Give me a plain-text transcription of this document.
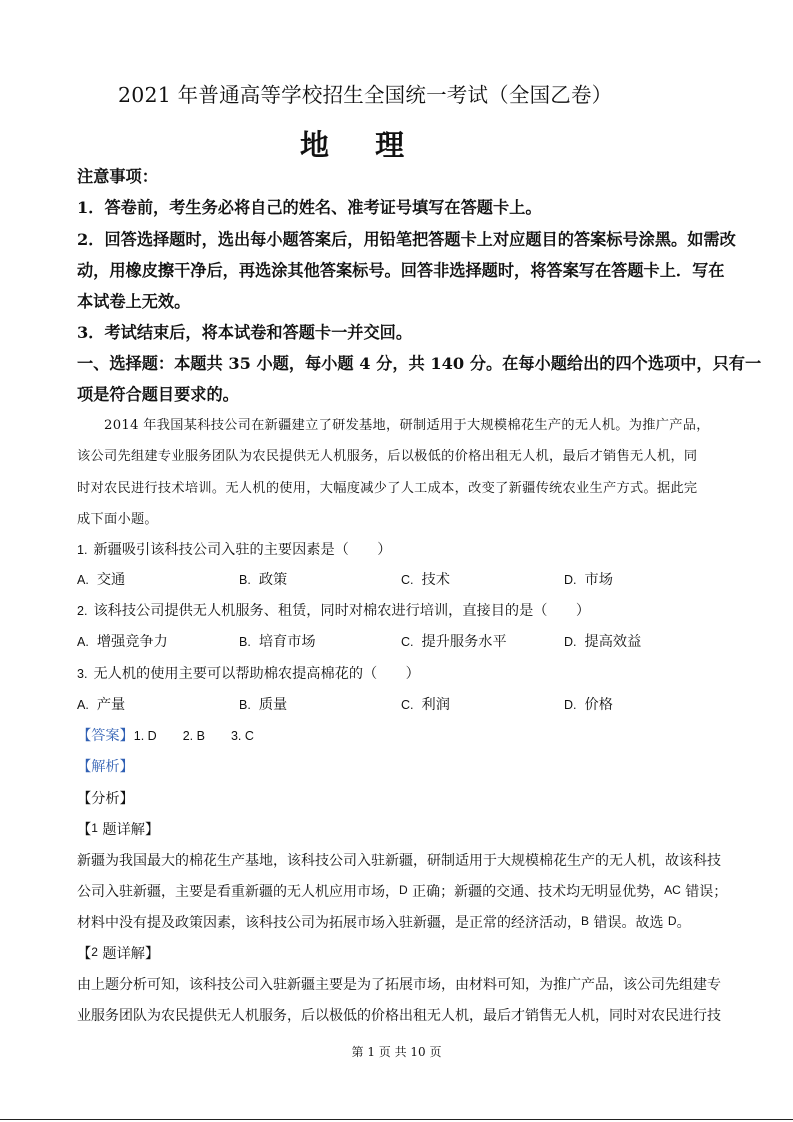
2021 年普通高等学校招生全国统一考试（全国乙卷）
地 理
注意事项：
1．答卷前，考生务必将自己的姓名、准考证号填写在答题卡上。
2．回答选择题时，选出每小题答案后，用铅笔把答题卡上对应题目的答案标号涂黑。如需改
动，用橡皮擦干净后，再选涂其他答案标号。回答非选择题时，将答案写在答题卡上．写在
本试卷上无效。
3．考试结束后，将本试卷和答题卡一并交回。
一、选择题：本题共 35 小题，每小题 4 分，共 140 分。在每小题给出的四个选项中，只有一
项是符合题目要求的。
2014 年我国某科技公司在新疆建立了研发基地，研制适用于大规模棉花生产的无人机。为推广产品，
该公司先组建专业服务团队为农民提供无人机服务，后以极低的价格出租无人机，最后才销售无人机，同
时对农民进行技术培训。无人机的使用，大幅度减少了人工成本，改变了新疆传统农业生产方式。据此完
成下面小题。
1. 新疆吸引该科技公司入驻的主要因素是（　　）
A. 交通	B. 政策	C. 技术	D. 市场
2. 该科技公司提供无人机服务、租赁，同时对棉农进行培训，直接目的是（　　）
A. 增强竞争力	B. 培育市场	C. 提升服务水平	D. 提高效益
3. 无人机的使用主要可以帮助棉农提高棉花的（　　）
A. 产量	B. 质量	C. 利润	D. 价格
【答案】1. D 2. B 3. C
【解析】
【分析】
【1 题详解】
新疆为我国最大的棉花生产基地，该科技公司入驻新疆，研制适用于大规模棉花生产的无人机，故该科技
公司入驻新疆，主要是看重新疆的无人机应用市场，D 正确；新疆的交通、技术均无明显优势，AC 错误；
材料中没有提及政策因素，该科技公司为拓展市场入驻新疆，是正常的经济活动，B 错误。故选 D。
【2 题详解】
由上题分析可知，该科技公司入驻新疆主要是为了拓展市场，由材料可知，为推广产品，该公司先组建专
业服务团队为农民提供无人机服务，后以极低的价格出租无人机，最后才销售无人机，同时对农民进行技
第 1 页 共 10 页
